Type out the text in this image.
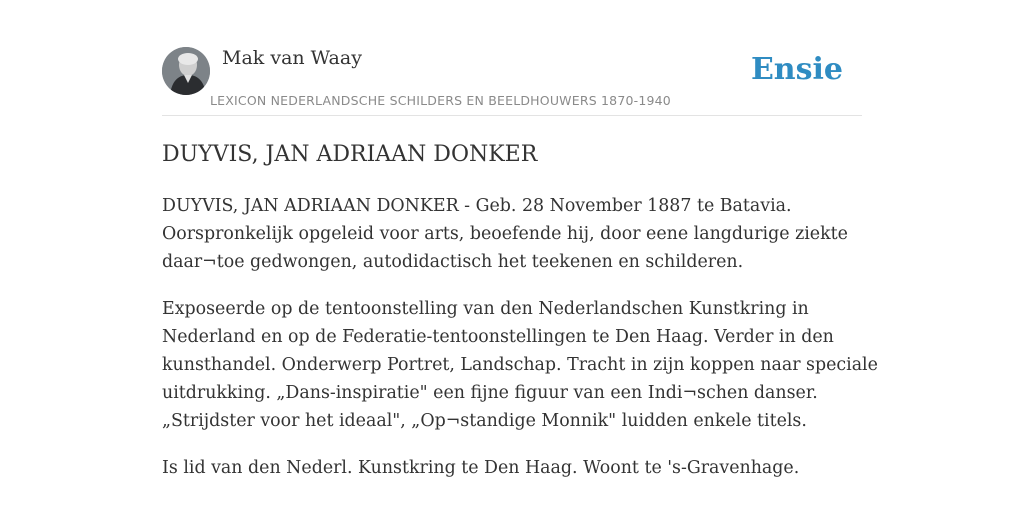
Mak van Waay
LEXICON NEDERLANDSCHE SCHILDERS EN BEELDHOUWERS 1870-1940
Ensie
DUYVIS, JAN ADRIAAN DONKER

DUYVIS, JAN ADRIAAN DONKER - Geb. 28 November 1887 te Batavia.
Oorspronkelijk opgeleid voor arts, beoefende hij, door eene langdurige ziekte
daar¬toe gedwongen, autodidactisch het teekenen en schilderen.

Exposeerde op de tentoonstelling van den Nederlandschen Kunstkring in
Nederland en op de Federatie-tentoonstellingen te Den Haag. Verder in den
kunsthandel. Onderwerp Portret, Landschap. Tracht in zijn koppen naar speciale
uitdrukking. „Dans-inspiratie" een fijne figuur van een Indi¬schen danser.
„Strijdster voor het ideaal", „Op¬standige Monnik" luidden enkele titels.

Is lid van den Nederl. Kunstkring te Den Haag. Woont te 's-Gravenhage.
